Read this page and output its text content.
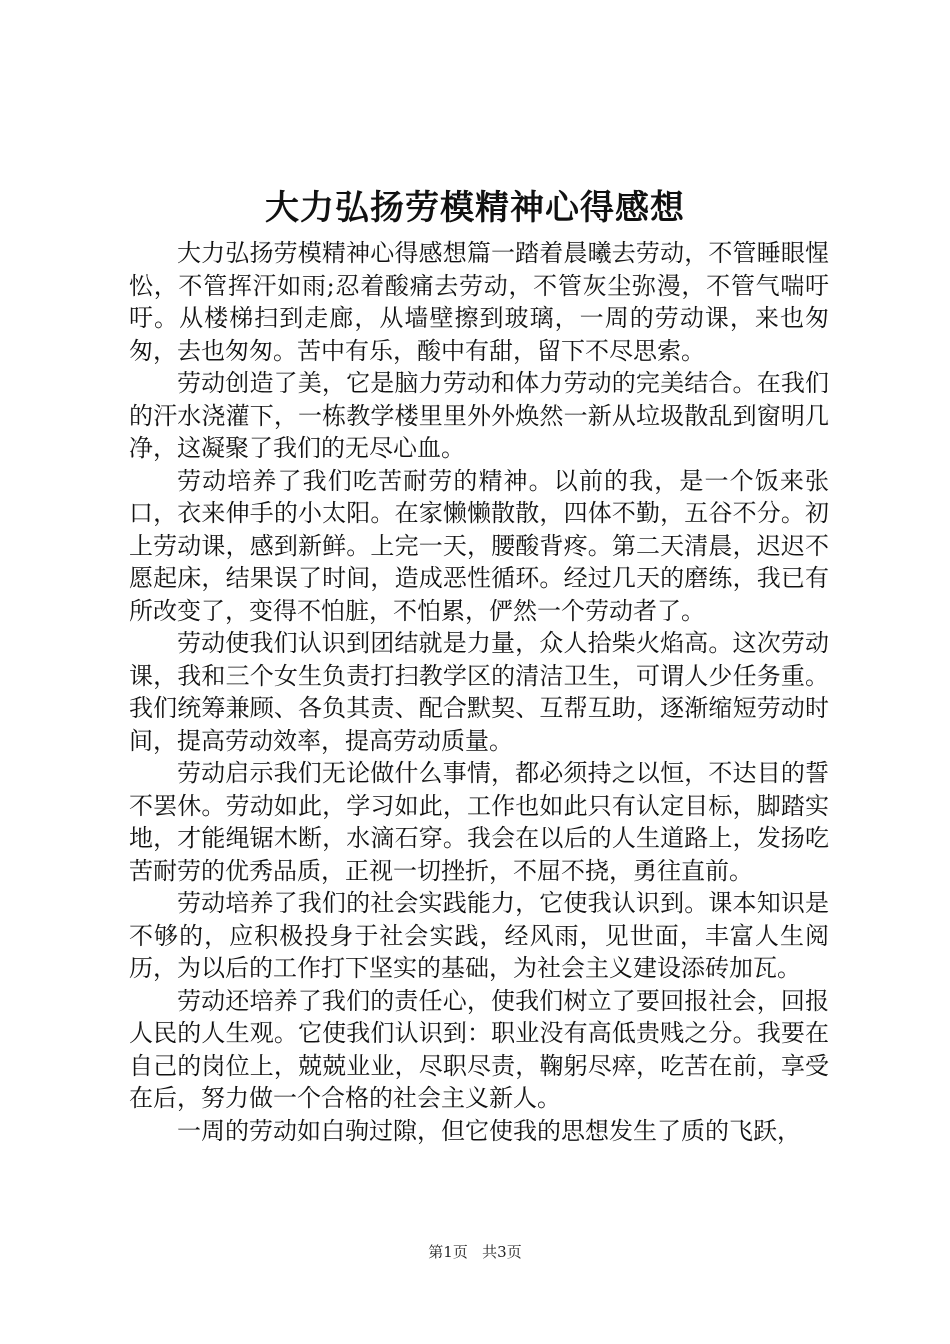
大力弘扬劳模精神心得感想

大力弘扬劳模精神心得感想篇一踏着晨曦去劳动，不管睡眼惺忪，不管挥汗如雨;忍着酸痛去劳动，不管灰尘弥漫，不管气喘吁吁。从楼梯扫到走廊，从墙壁擦到玻璃，一周的劳动课，来也匆匆，去也匆匆。苦中有乐，酸中有甜，留下不尽思索。

劳动创造了美，它是脑力劳动和体力劳动的完美结合。在我们的汗水浇灌下，一栋教学楼里里外外焕然一新从垃圾散乱到窗明几净，这凝聚了我们的无尽心血。

劳动培养了我们吃苦耐劳的精神。以前的我，是一个饭来张口，衣来伸手的小太阳。在家懒懒散散，四体不勤，五谷不分。初上劳动课，感到新鲜。上完一天，腰酸背疼。第二天清晨，迟迟不愿起床，结果误了时间，造成恶性循环。经过几天的磨练，我已有所改变了，变得不怕脏，不怕累，俨然一个劳动者了。

劳动使我们认识到团结就是力量，众人拾柴火焰高。这次劳动课，我和三个女生负责打扫教学区的清洁卫生，可谓人少任务重。我们统筹兼顾、各负其责、配合默契、互帮互助，逐渐缩短劳动时间，提高劳动效率，提高劳动质量。

劳动启示我们无论做什么事情，都必须持之以恒，不达目的誓不罢休。劳动如此，学习如此，工作也如此只有认定目标，脚踏实地，才能绳锯木断，水滴石穿。我会在以后的人生道路上，发扬吃苦耐劳的优秀品质，正视一切挫折，不屈不挠，勇往直前。

劳动培养了我们的社会实践能力，它使我认识到。课本知识是不够的，应积极投身于社会实践，经风雨，见世面，丰富人生阅历，为以后的工作打下坚实的基础，为社会主义建设添砖加瓦。

劳动还培养了我们的责任心，使我们树立了要回报社会，回报人民的人生观。它使我们认识到：职业没有高低贵贱之分。我要在自己的岗位上，兢兢业业，尽职尽责，鞠躬尽瘁，吃苦在前，享受在后，努力做一个合格的社会主义新人。

一周的劳动如白驹过隙，但它使我的思想发生了质的飞跃，

第1页 共3页
